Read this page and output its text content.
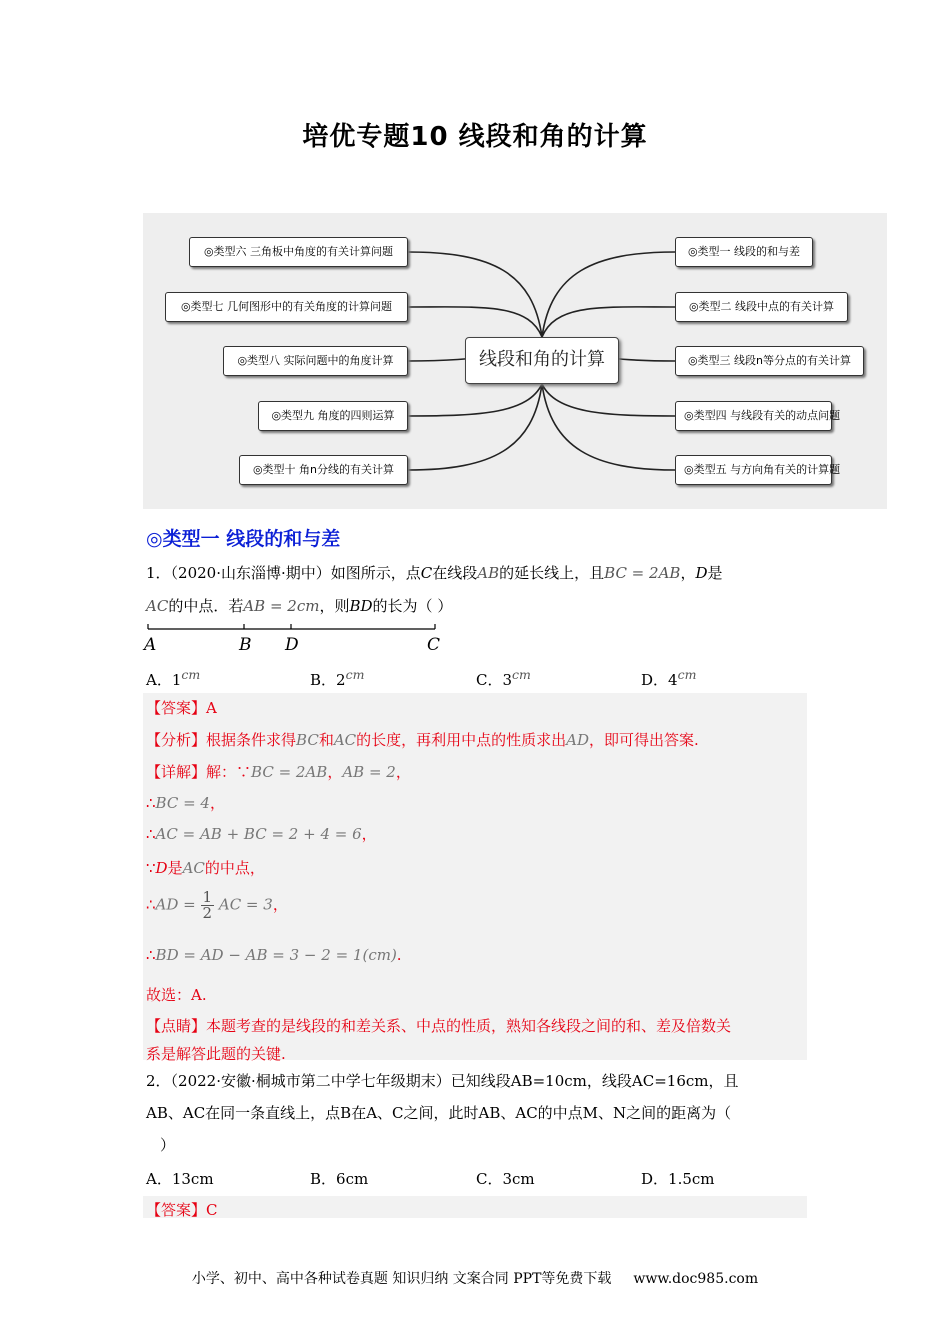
培优专题10 线段和角的计算
线段和角的计算
◎类型六 三角板中角度的有关计算问题
◎类型七 几何图形中的有关角度的计算问题
◎类型八 实际问题中的角度计算
◎类型九 角度的四则运算
◎类型十 角n分线的有关计算
◎类型一 线段的和与差
◎类型二 线段中点的有关计算
◎类型三 线段n等分点的有关计算
◎类型四 与线段有关的动点问题
◎类型五 与方向角有关的计算题
◎类型一 线段的和与差
1．（2020·山东淄博·期中）如图所示，点C在线段AB的延长线上，且BC = 2AB，D是
AC的中点．若AB = 2cm，则BD的长为（ ）
A	B D	C
A．$1^{cm}$	B．$2^{cm}$	C．$3^{cm}$	D．$4^{cm}$
【答案】A
【分析】根据条件求得BC和AC的长度，再利用中点的性质求出AD，即可得出答案.
【详解】解：∵BC = 2AB，AB = 2，
∴BC = 4，
∴AC = AB + BC = 2 + 4 = 6，
∵D是AC的中点，
∴AD = $\frac{1}{2}$ AC = 3，
∴BD = AD − AB = 3 − 2 = 1(cm).
故选：A.
【点睛】本题考查的是线段的和差关系、中点的性质，熟知各线段之间的和、差及倍数关
系是解答此题的关键.
2．（2022·安徽·桐城市第二中学七年级期末）已知线段AB=10cm，线段AC=16cm，且
AB、AC在同一条直线上，点B在A、C之间，此时AB、AC的中点M、N之间的距离为（
）
A．13cm	B．6cm	C．3cm	D．1.5cm
【答案】C
小学、初中、高中各种试卷真题 知识归纳 文案合同 PPT等免费下载 www.doc985.com
